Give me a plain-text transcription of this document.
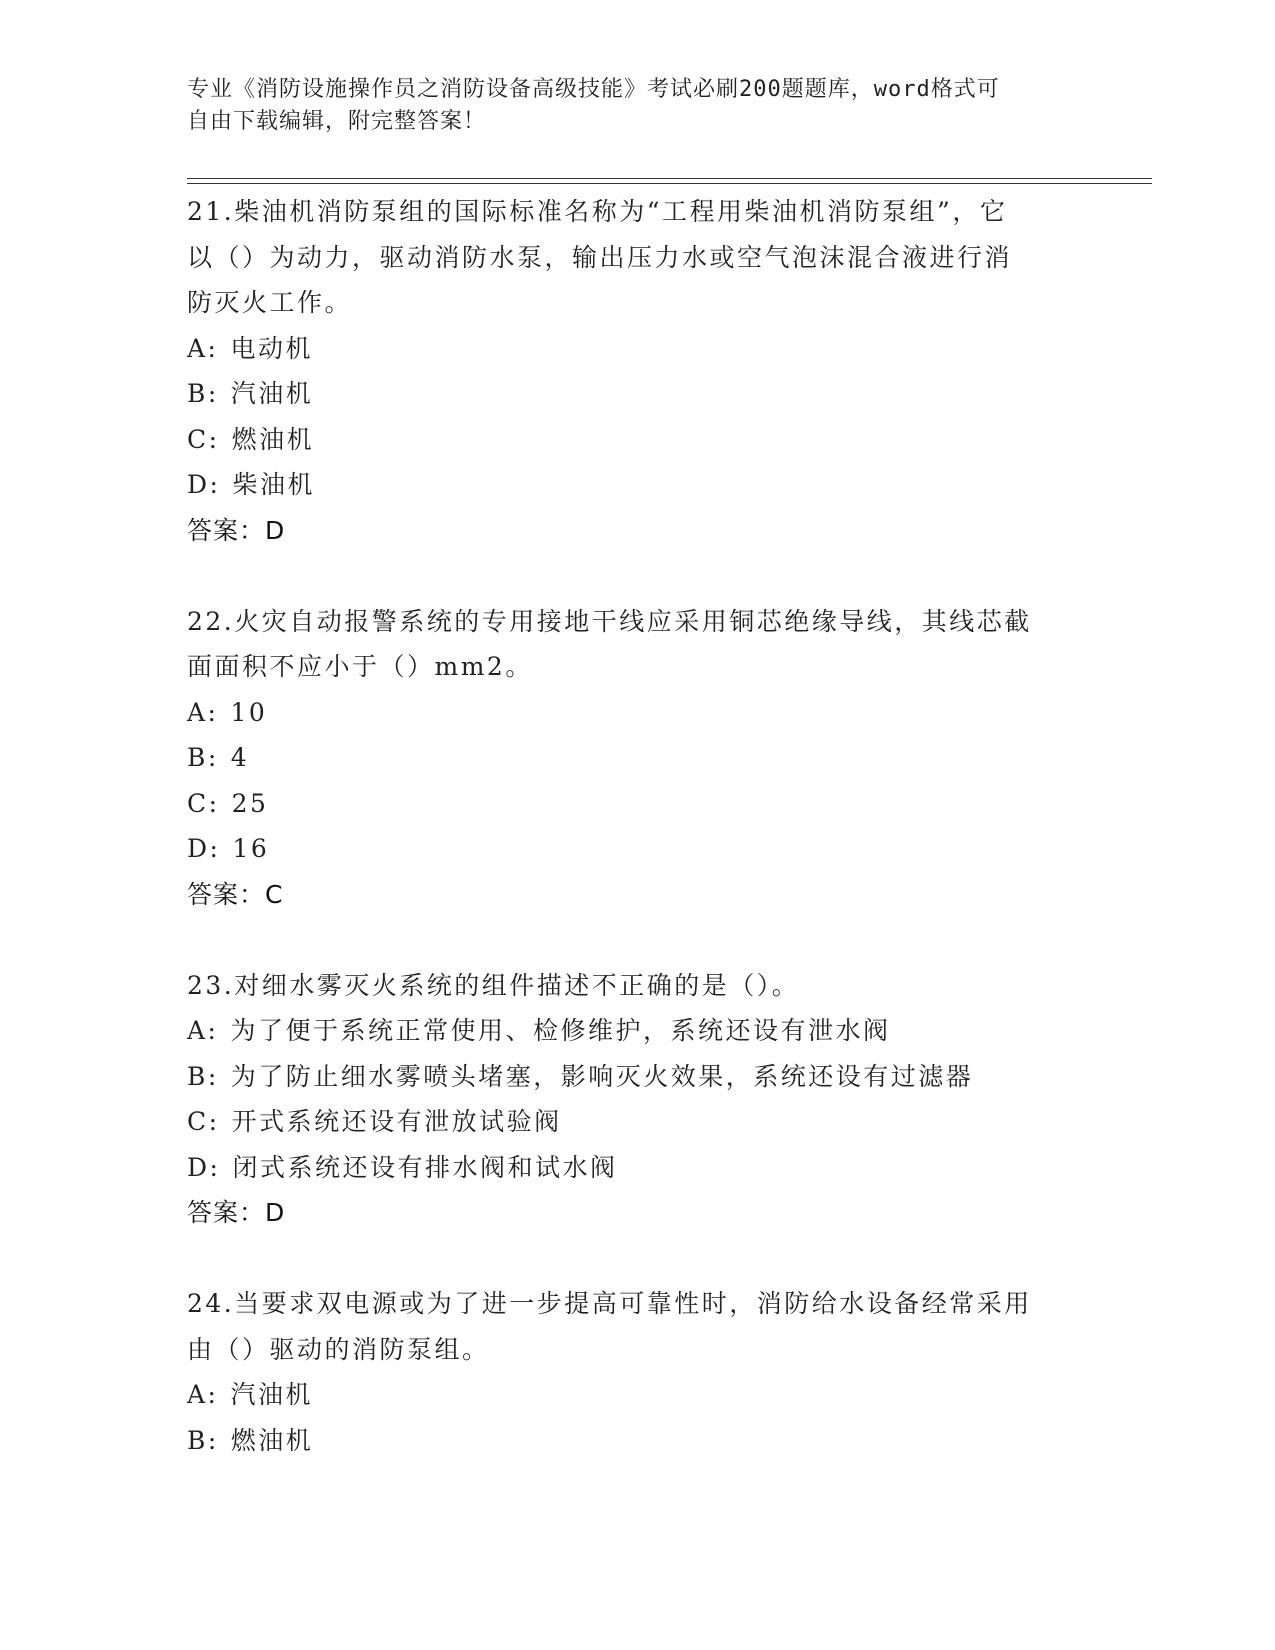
专业《消防设施操作员之消防设备高级技能》考试必刷200题题库，word格式可
自由下载编辑，附完整答案！

21.柴油机消防泵组的国际标准名称为“工程用柴油机消防泵组”，它

以（）为动力，驱动消防水泵，输出压力水或空气泡沫混合液进行消

防灭火工作。

A: 电动机

B: 汽油机

C: 燃油机

D: 柴油机

答案：D

22.火灾自动报警系统的专用接地干线应采用铜芯绝缘导线，其线芯截

面面积不应小于（）mm2。

A: 10

B: 4

C: 25

D: 16

答案：C

23.对细水雾灭火系统的组件描述不正确的是（）。

A: 为了便于系统正常使用、检修维护，系统还设有泄水阀

B: 为了防止细水雾喷头堵塞，影响灭火效果，系统还设有过滤器

C: 开式系统还设有泄放试验阀

D: 闭式系统还设有排水阀和试水阀

答案：D

24.当要求双电源或为了进一步提高可靠性时，消防给水设备经常采用

由（）驱动的消防泵组。

A: 汽油机

B: 燃油机
